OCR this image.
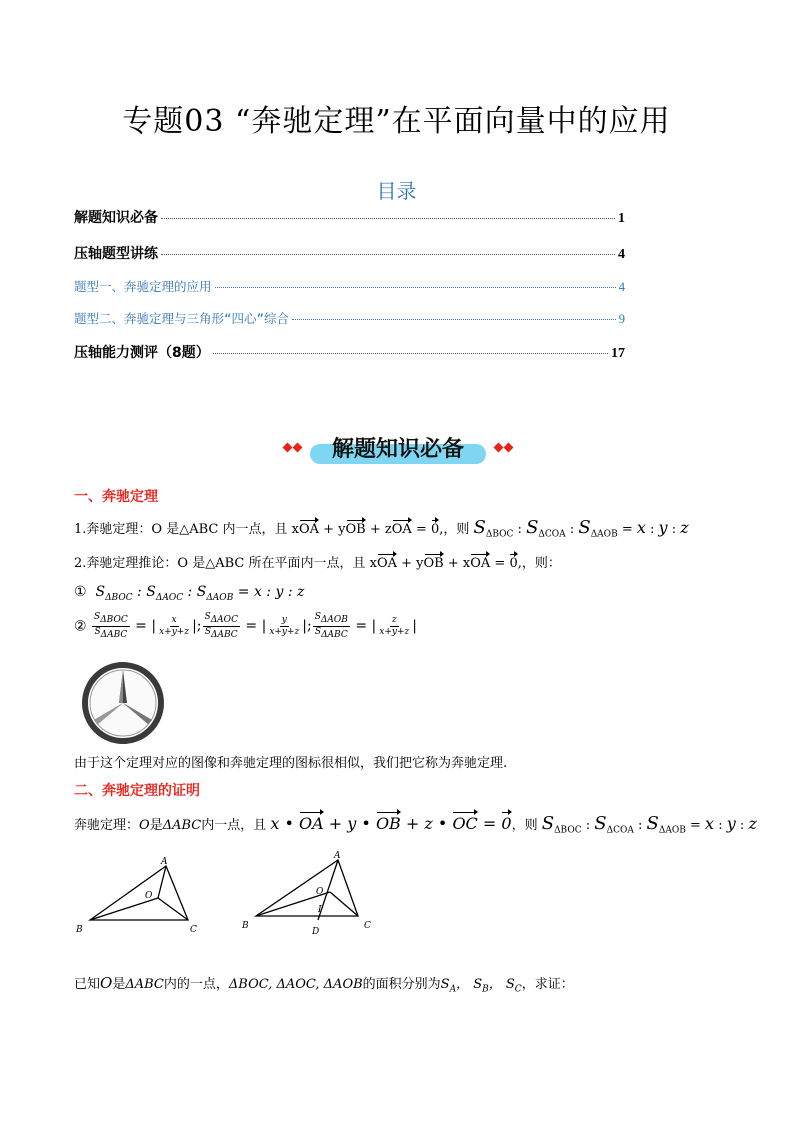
专题03 “奔驰定理”在平面向量中的应用
目录
解题知识必备	1
压轴题型讲练	4
题型一、奔驰定理的应用	4
题型二、奔驰定理与三角形“四心”综合	9
压轴能力测评（8题）	17
解题知识必备
一、奔驰定理
1.奔驰定理：O 是△ABC 内一点，且 xOA + yOB + zOA = 0,，则 $S_{\Delta BOC}$ : $S_{\Delta COA}$ : $S_{\Delta AOB} = x$ : y : z
2.奔驰定理推论：O 是△ABC 所在平面内一点，且 xOA + yOB + xOA = 0,，则：
①  $S_{\Delta BOC}$ : $S_{\Delta AOC}$ : $S_{\Delta AOB} = x$ : y : z
② $\frac{S_{\Delta BOC}}{S_{\Delta ABC}}$ = | $\frac{x}{x+y+z}$ |; $\frac{S_{\Delta AOC}}{S_{\Delta ABC}}$ = | $\frac{y}{x+y+z}$ |; $\frac{S_{\Delta AOB}}{S_{\Delta ABC}}$ = | $\frac{z}{x+y+z}$ |
由于这个定理对应的图像和奔驰定理的图标很相似，我们把它称为奔驰定理.
二、奔驰定理的证明
奔驰定理：O是ΔABC内一点，且 x • OA + y • OB + z • OC = 0，则 $S_{\Delta BOC}$ : $S_{\Delta COA}$ : $S_{\Delta AOB} = x$ : y : z
A
B	C
O
A
B	C
O
I
D
已知O是ΔABC内的一点，ΔBOC, ΔAOC, ΔAOB的面积分别为$S_A$， $S_B$， $S_C$，求证：
